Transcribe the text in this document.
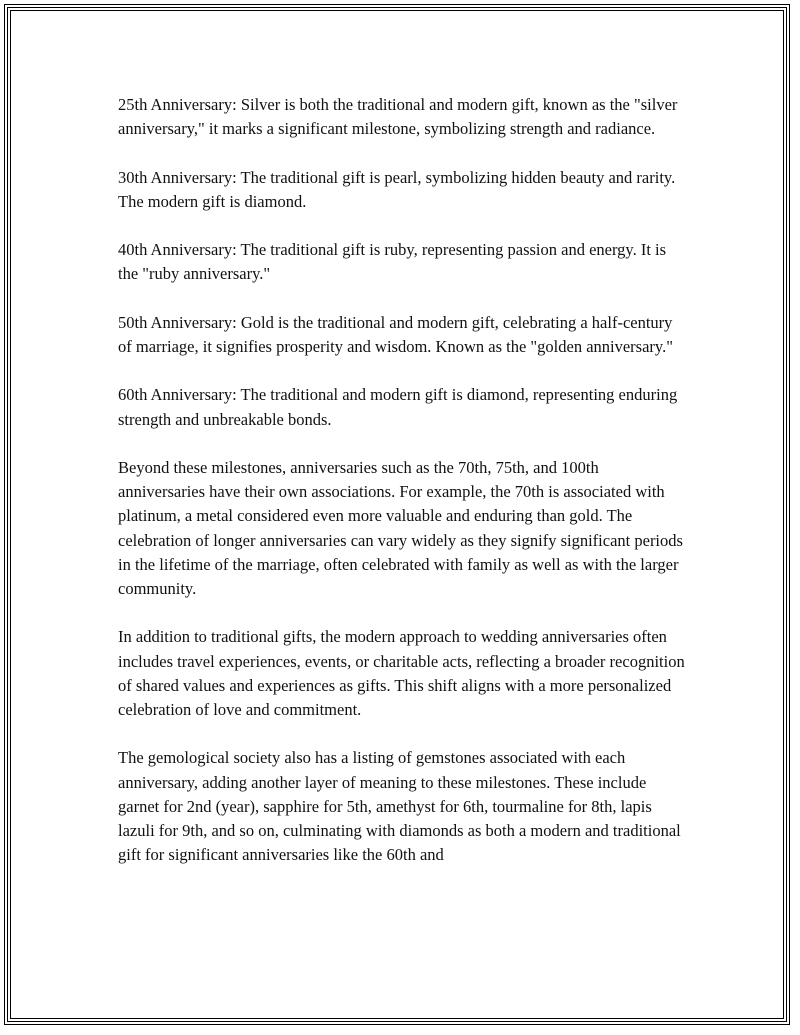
25th Anniversary: Silver is both the traditional and modern gift, known as the "silver anniversary," it marks a significant milestone, symbolizing strength and radiance.

30th Anniversary: The traditional gift is pearl, symbolizing hidden beauty and rarity. The modern gift is diamond.

40th Anniversary: The traditional gift is ruby, representing passion and energy. It is the "ruby anniversary."

50th Anniversary: Gold is the traditional and modern gift, celebrating a half-century of marriage, it signifies prosperity and wisdom. Known as the "golden anniversary."

60th Anniversary: The traditional and modern gift is diamond, representing enduring strength and unbreakable bonds.

Beyond these milestones, anniversaries such as the 70th, 75th, and 100th anniversaries have their own associations. For example, the 70th is associated with platinum, a metal considered even more valuable and enduring than gold. The celebration of longer anniversaries can vary widely as they signify significant periods in the lifetime of the marriage, often celebrated with family as well as with the larger community.

In addition to traditional gifts, the modern approach to wedding anniversaries often includes travel experiences, events, or charitable acts, reflecting a broader recognition of shared values and experiences as gifts. This shift aligns with a more personalized celebration of love and commitment.

The gemological society also has a listing of gemstones associated with each anniversary, adding another layer of meaning to these milestones. These include garnet for 2nd (year), sapphire for 5th, amethyst for 6th, tourmaline for 8th, lapis lazuli for 9th, and so on, culminating with diamonds as both a modern and traditional gift for significant anniversaries like the 60th and
